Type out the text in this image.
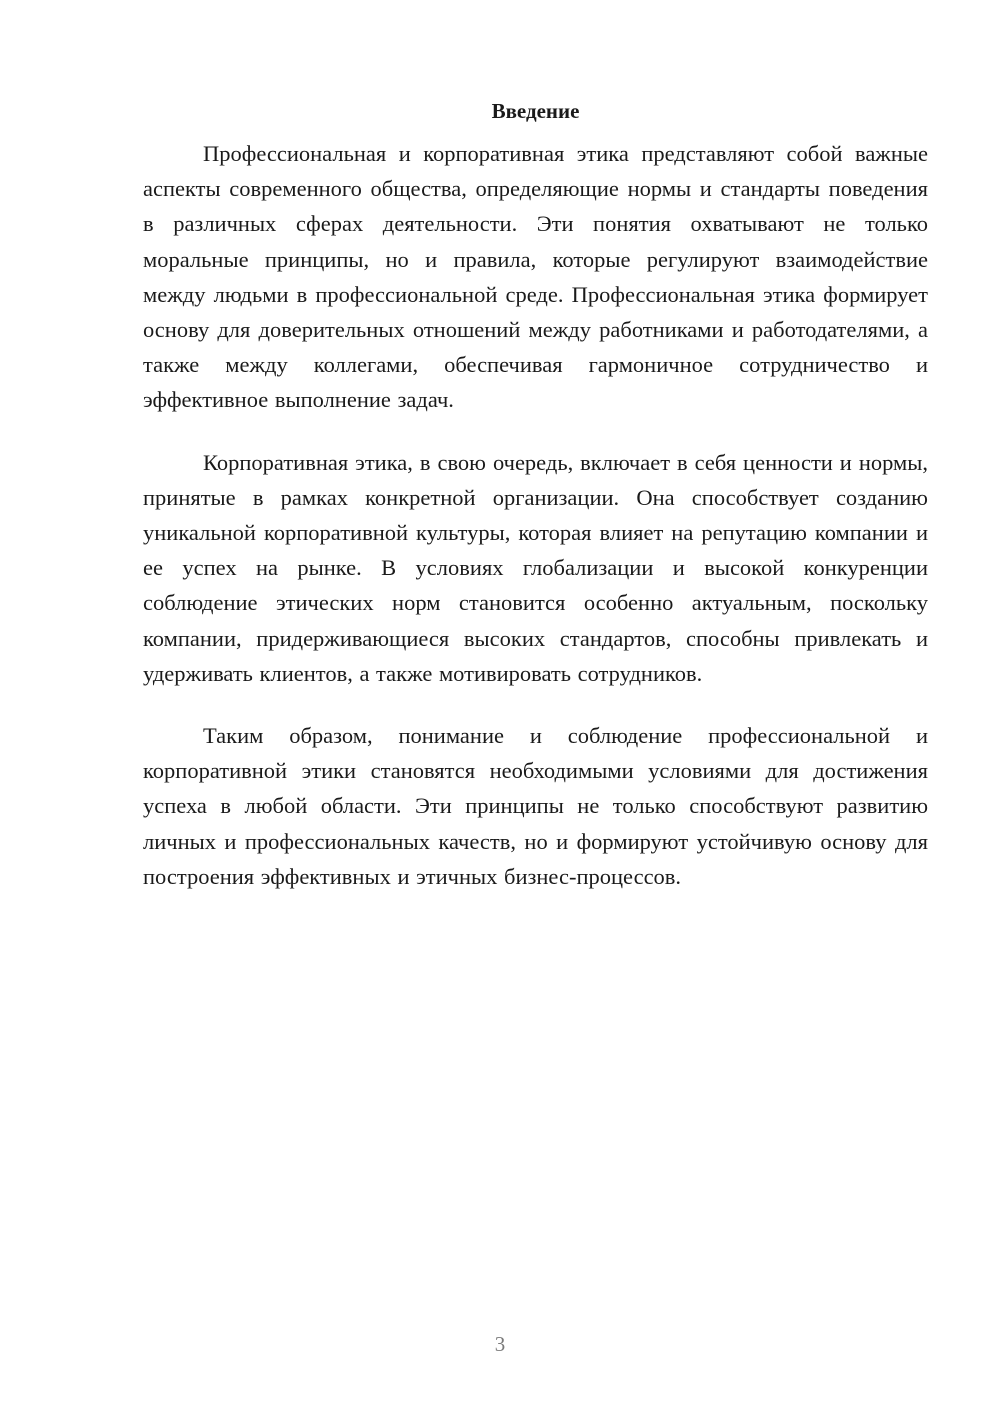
Введение

Профессиональная и корпоративная этика представляют собой важные аспекты современного общества, определяющие нормы и стандарты поведения в различных сферах деятельности. Эти понятия охватывают не только моральные принципы, но и правила, которые регулируют взаимодействие между людьми в профессиональной среде. Профессиональная этика формирует основу для доверительных отношений между работниками и работодателями, а также между коллегами, обеспечивая гармоничное сотрудничество и эффективное выполнение задач.

Корпоративная этика, в свою очередь, включает в себя ценности и нормы, принятые в рамках конкретной организации. Она способствует созданию уникальной корпоративной культуры, которая влияет на репутацию компании и ее успех на рынке. В условиях глобализации и высокой конкуренции соблюдение этических норм становится особенно актуальным, поскольку компании, придерживающиеся высоких стандартов, способны привлекать и удерживать клиентов, а также мотивировать сотрудников.

Таким образом, понимание и соблюдение профессиональной и корпоративной этики становятся необходимыми условиями для достижения успеха в любой области. Эти принципы не только способствуют развитию личных и профессиональных качеств, но и формируют устойчивую основу для построения эффективных и этичных бизнес-процессов.

3
